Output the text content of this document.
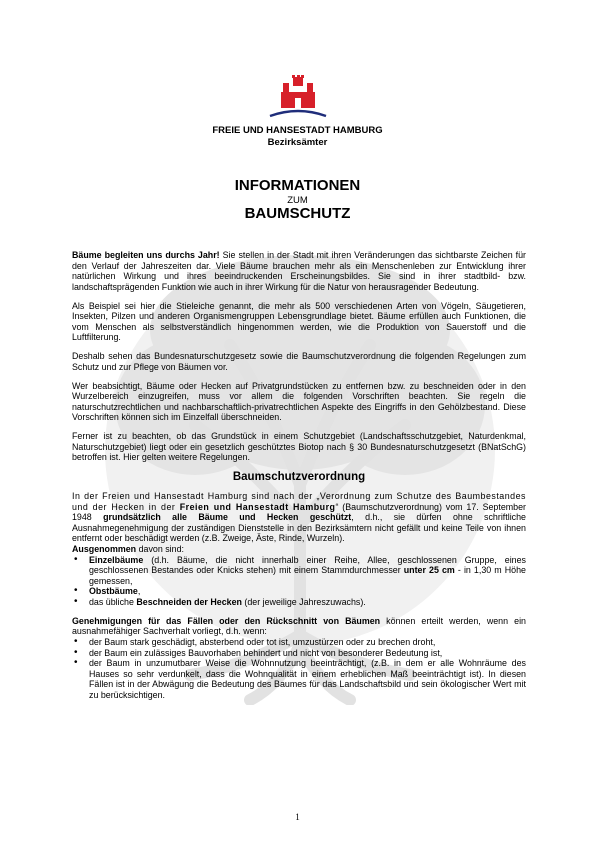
FREIE UND HANSESTADT HAMBURG
Bezirksämter
INFORMATIONEN
ZUM
BAUMSCHUTZ

Bäume begleiten uns durchs Jahr! Sie stellen in der Stadt mit ihren Veränderungen das sichtbarste Zeichen für den Verlauf der Jahreszeiten dar. Viele Bäume brauchen mehr als ein Menschenleben zur Entwicklung ihrer natürlichen Wirkung und ihres beeindruckenden Erscheinungsbildes. Sie sind in ihrer stadtbild- bzw. landschaftsprägenden Funktion wie auch in ihrer Wirkung für die Natur von herausragender Bedeutung.

Als Beispiel sei hier die Stieleiche genannt, die mehr als 500 verschiedenen Arten von Vögeln, Säugetieren, Insekten, Pilzen und anderen Organismengruppen Lebensgrundlage bietet. Bäume erfüllen auch Funktionen, die vom Menschen als selbstverständlich hingenommen werden, wie die Produktion von Sauerstoff und die Luftfilterung.

Deshalb sehen das Bundesnaturschutzgesetz sowie die Baumschutzverordnung die folgenden Regelungen zum Schutz und zur Pflege von Bäumen vor.

Wer beabsichtigt, Bäume oder Hecken auf Privatgrundstücken zu entfernen bzw. zu beschneiden oder in den Wurzelbereich einzugreifen, muss vor allem die folgenden Vorschriften beachten. Sie regeln die naturschutzrechtlichen und nachbarschaftlich-privatrechtlichen Aspekte des Eingriffs in den Gehölzbestand. Diese Vorschriften können sich im Einzelfall überschneiden.

Ferner ist zu beachten, ob das Grundstück in einem Schutzgebiet (Landschaftsschutzgebiet, Naturdenkmal, Naturschutzgebiet) liegt oder ein gesetzlich geschütztes Biotop nach § 30 Bundesnaturschutzgesetzt (BNatSchG) betroffen ist. Hier gelten weitere Regelungen.

Baumschutzverordnung

In der Freien und Hansestadt Hamburg sind nach der „Verordnung zum Schutze des Baumbestandes und der Hecken in der Freien und Hansestadt Hamburg“ (Baumschutzverordnung) vom 17. September 1948 grundsätzlich alle Bäume und Hecken geschützt, d.h., sie dürfen ohne schriftliche Ausnahmegenehmigung der zuständigen Dienststelle in den Bezirksämtern nicht gefällt und keine Teile von ihnen entfernt oder beschädigt werden (z.B. Zweige, Äste, Rinde, Wurzeln).

Ausgenommen davon sind:
• Einzelbäume (d.h. Bäume, die nicht innerhalb einer Reihe, Allee, geschlossenen Gruppe, eines geschlossenen Bestandes oder Knicks stehen) mit einem Stammdurchmesser unter 25 cm - in 1,30 m Höhe gemessen,
• Obstbäume,
• das übliche Beschneiden der Hecken (der jeweilige Jahreszuwachs).

Genehmigungen für das Fällen oder den Rückschnitt von Bäumen können erteilt werden, wenn ein ausnahmefähiger Sachverhalt vorliegt, d.h. wenn:

• der Baum stark geschädigt, absterbend oder tot ist, umzustürzen oder zu brechen droht,
• der Baum ein zulässiges Bauvorhaben behindert und nicht von besonderer Bedeutung ist,
• der Baum in unzumutbarer Weise die Wohnnutzung beeinträchtigt, (z.B. in dem er alle Wohnräume des Hauses so sehr verdunkelt, dass die Wohnqualität in einem erheblichen Maß beeinträchtigt ist). In diesen Fällen ist in der Abwägung die Bedeutung des Baumes für das Landschaftsbild und sein ökologischer Wert mit zu berücksichtigen.
1
